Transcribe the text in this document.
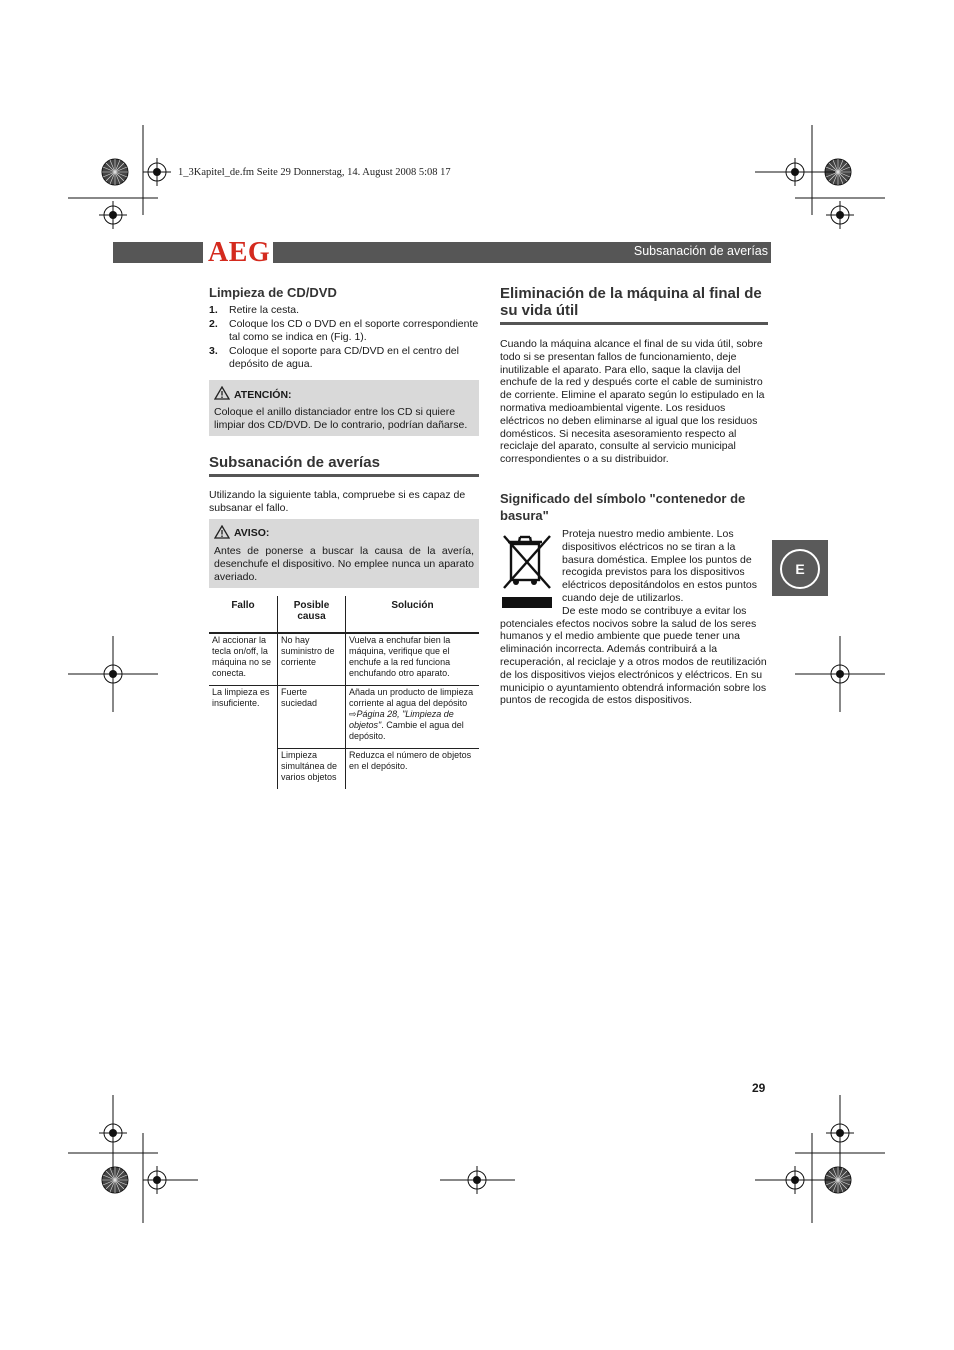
1_3Kapitel_de.fm Seite 29 Donnerstag, 14. August 2008 5:08 17
AEG	Subsanación de averías
Limpieza de CD/DVD
1.	Retire la cesta.
2.	Coloque los CD o DVD en el soporte correspondiente tal como se indica en (Fig. 1).
3.	Coloque el soporte para CD/DVD en el centro del depósito de agua.
ATENCIÓN:
Coloque el anillo distanciador entre los CD si quiere limpiar dos CD/DVD. De lo contrario, podrían dañarse.
Subsanación de averías
Utilizando la siguiente tabla, compruebe si es capaz de subsanar el fallo.
AVISO:
Antes de ponerse a buscar la causa de la avería, desenchufe el dispositivo. No emplee nunca un aparato averiado.
Fallo	Posible causa	Solución
Al accionar la tecla on/off, la máquina no se conecta.	No hay suministro de corriente	Vuelva a enchufar bien la máquina, verifique que el enchufe a la red funciona enchufando otro aparato.
La limpieza es insuficiente.	Fuerte suciedad	Añada un producto de limpieza corriente al agua del depósito ⇨Página 28, "Limpieza de objetos". Cambie el agua del depósito.
	Limpieza simultánea de varios objetos	Reduzca el número de objetos en el depósito.
Eliminación de la máquina al final de su vida útil
Cuando la máquina alcance el final de su vida útil, sobre todo si se presentan fallos de funcionamiento, deje inutilizable el aparato. Para ello, saque la clavija del enchufe de la red y después corte el cable de suministro de corriente. Elimine el aparato según lo estipulado en la normativa medioambiental vigente. Los residuos eléctricos no deben eliminarse al igual que los residuos domésticos. Si necesita asesoramiento respecto al reciclaje del aparato, consulte al servicio municipal correspondientes o a su distribuidor.
Significado del símbolo "contenedor de basura"
Proteja nuestro medio ambiente. Los dispositivos eléctricos no se tiran a la basura doméstica. Emplee los puntos de recogida previstos para los dispositivos eléctricos depositándolos en estos puntos cuando deje de utilizarlos.
De este modo se contribuye a evitar los potenciales efectos nocivos sobre la salud de los seres humanos y el medio ambiente que puede tener una eliminación incorrecta. Además contribuirá a la recuperación, al reciclaje y a otros modos de reutilización de los dispositivos viejos electrónicos y eléctricos. En su municipio o ayuntamiento obtendrá información sobre los puntos de recogida de estos dispositivos.
E
29
